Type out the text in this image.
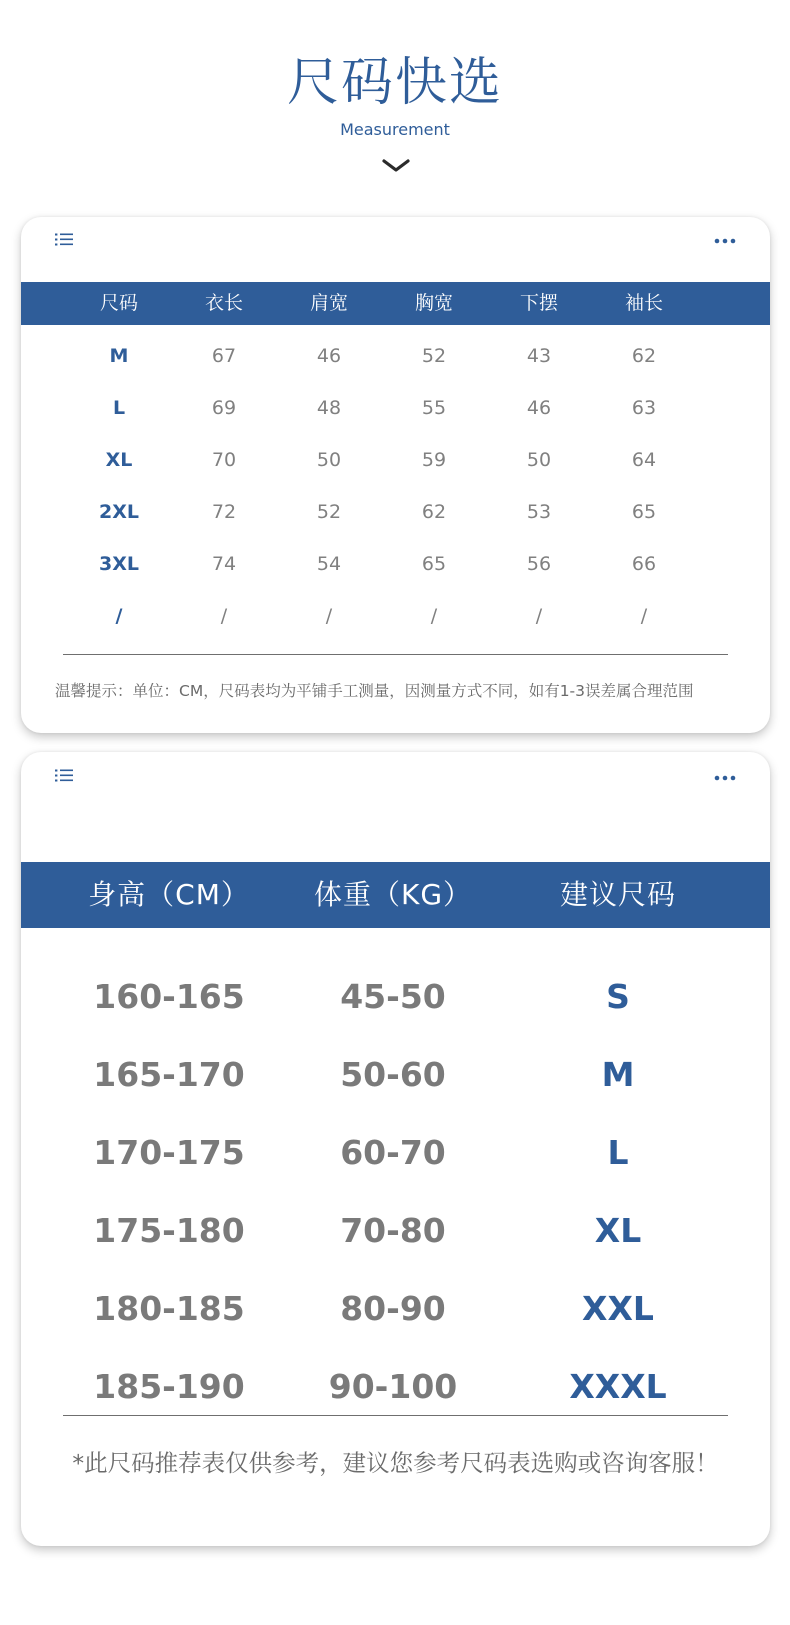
尺码快选
Measurement
尺码	衣长	肩宽	胸宽	下摆	袖长
M	67	46	52	43	62
L	69	48	55	46	63
XL	70	50	59	50	64
2XL	72	52	62	53	65
3XL	74	54	65	56	66
/	/	/	/	/	/
温馨提示：单位：CM，尺码表均为平铺手工测量，因测量方式不同，如有1-3误差属合理范围
身高（CM）	体重（KG）	建议尺码
160-165	45-50	S
165-170	50-60	M
170-175	60-70	L
175-180	70-80	XL
180-185	80-90	XXL
185-190	90-100	XXXL
*此尺码推荐表仅供参考，建议您参考尺码表选购或咨询客服！
